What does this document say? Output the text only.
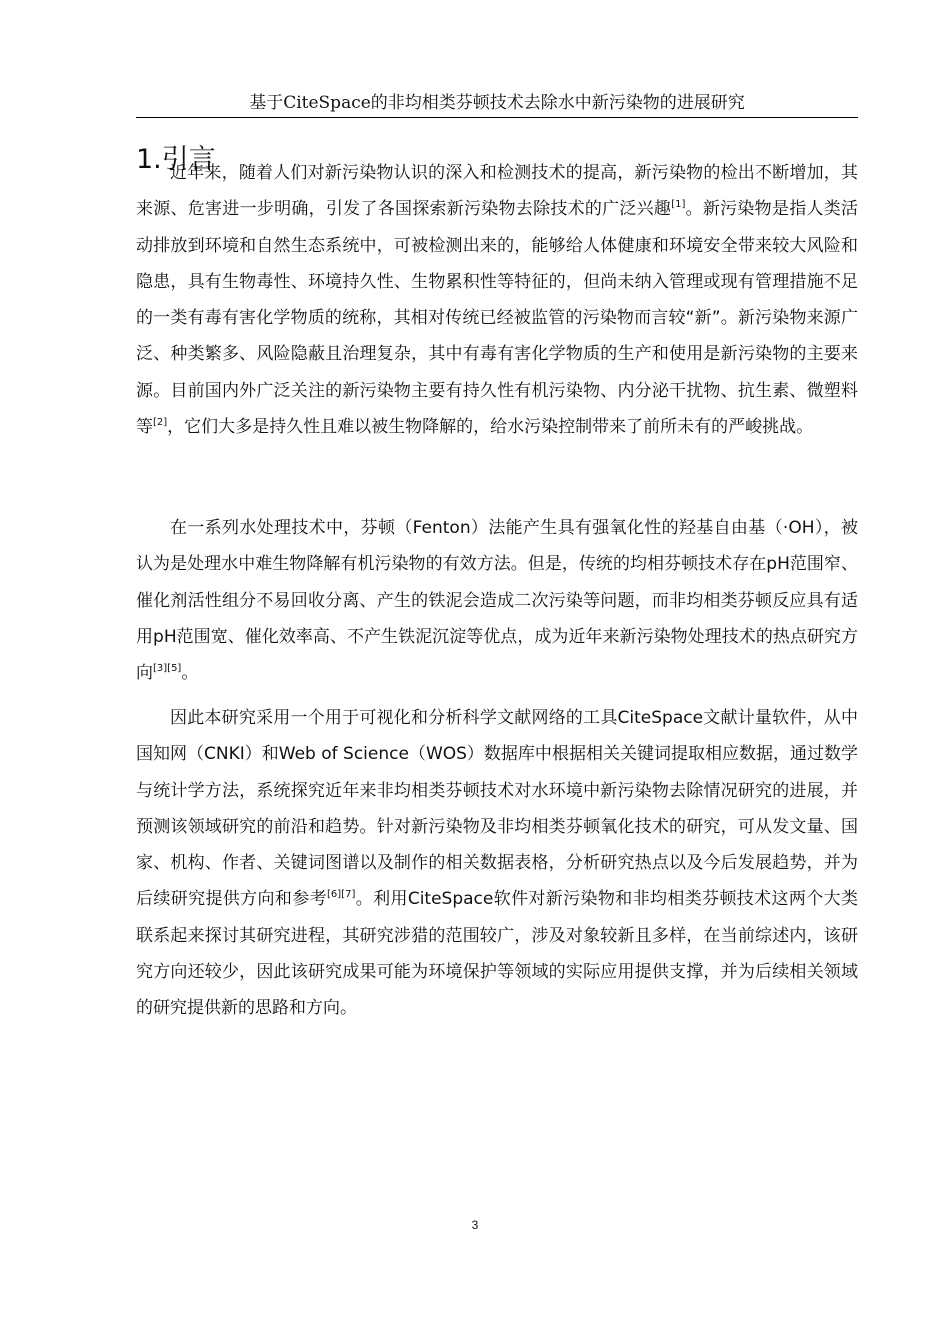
基于CiteSpace的非均相类芬顿技术去除水中新污染物的进展研究
1.引言

近年来，随着人们对新污染物认识的深入和检测技术的提高，新污染物的检出不断增加，其来源、危害进一步明确，引发了各国探索新污染物去除技术的广泛兴趣[1]。新污染物是指人类活动排放到环境和自然生态系统中，可被检测出来的，能够给人体健康和环境安全带来较大风险和隐患，具有生物毒性、环境持久性、生物累积性等特征的，但尚未纳入管理或现有管理措施不足的一类有毒有害化学物质的统称，其相对传统已经被监管的污染物而言较“新”。新污染物来源广泛、种类繁多、风险隐蔽且治理复杂，其中有毒有害化学物质的生产和使用是新污染物的主要来源。目前国内外广泛关注的新污染物主要有持久性有机污染物、内分泌干扰物、抗生素、微塑料等[2]，它们大多是持久性且难以被生物降解的，给水污染控制带来了前所未有的严峻挑战。

在一系列水处理技术中，芬顿（Fenton）法能产生具有强氧化性的羟基自由基（·OH），被认为是处理水中难生物降解有机污染物的有效方法。但是，传统的均相芬顿技术存在pH范围窄、催化剂活性组分不易回收分离、产生的铁泥会造成二次污染等问题，而非均相类芬顿反应具有适用pH范围宽、催化效率高、不产生铁泥沉淀等优点，成为近年来新污染物处理技术的热点研究方向[3][5]。

因此本研究采用一个用于可视化和分析科学文献网络的工具CiteSpace文献计量软件，从中国知网（CNKI）和Web of Science（WOS）数据库中根据相关关键词提取相应数据，通过数学与统计学方法，系统探究近年来非均相类芬顿技术对水环境中新污染物去除情况研究的进展，并预测该领域研究的前沿和趋势。针对新污染物及非均相类芬顿氧化技术的研究，可从发文量、国家、机构、作者、关键词图谱以及制作的相关数据表格，分析研究热点以及今后发展趋势，并为后续研究提供方向和参考[6][7]。利用CiteSpace软件对新污染物和非均相类芬顿技术这两个大类联系起来探讨其研究进程，其研究涉猎的范围较广，涉及对象较新且多样，在当前综述内，该研究方向还较少，因此该研究成果可能为环境保护等领域的实际应用提供支撑，并为后续相关领域的研究提供新的思路和方向。

3
